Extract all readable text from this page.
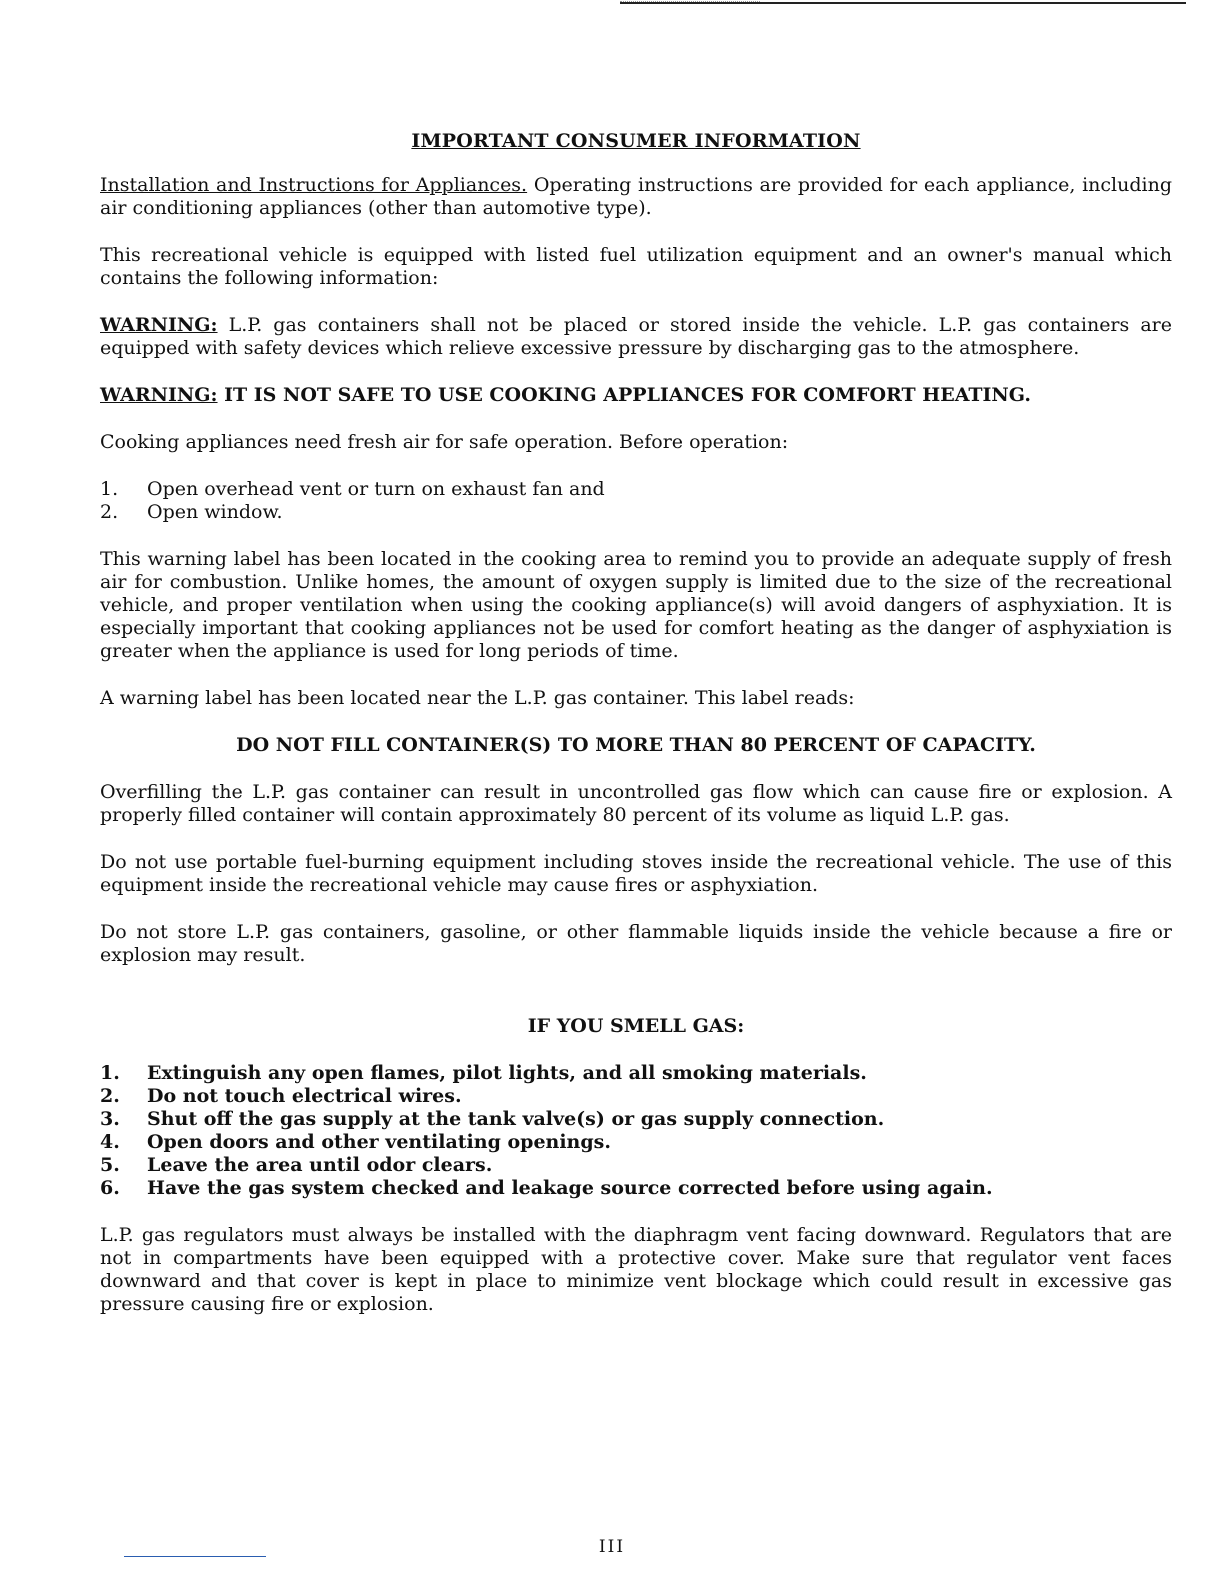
IMPORTANT CONSUMER INFORMATION

Installation and Instructions for Appliances. Operating instructions are provided for each appliance, including air conditioning appliances (other than automotive type).

This recreational vehicle is equipped with listed fuel utilization equipment and an owner's manual which contains the following information:

WARNING: L.P. gas containers shall not be placed or stored inside the vehicle. L.P. gas containers are equipped with safety devices which relieve excessive pressure by discharging gas to the atmosphere.

WARNING: IT IS NOT SAFE TO USE COOKING APPLIANCES FOR COMFORT HEATING.

Cooking appliances need fresh air for safe operation. Before operation:

1.	Open overhead vent or turn on exhaust fan and
2.	Open window.

This warning label has been located in the cooking area to remind you to provide an adequate supply of fresh air for combustion. Unlike homes, the amount of oxygen supply is limited due to the size of the recreational vehicle, and proper ventilation when using the cooking appliance(s) will avoid dangers of asphyxiation. It is especially important that cooking appliances not be used for comfort heating as the danger of asphyxiation is greater when the appliance is used for long periods of time.

A warning label has been located near the L.P. gas container. This label reads:

DO NOT FILL CONTAINER(S) TO MORE THAN 80 PERCENT OF CAPACITY.

Overfilling the L.P. gas container can result in uncontrolled gas flow which can cause fire or explosion. A properly filled container will contain approximately 80 percent of its volume as liquid L.P. gas.

Do not use portable fuel-burning equipment including stoves inside the recreational vehicle. The use of this equipment inside the recreational vehicle may cause fires or asphyxiation.

Do not store L.P. gas containers, gasoline, or other flammable liquids inside the vehicle because a fire or explosion may result.

IF YOU SMELL GAS:
1.	Extinguish any open flames, pilot lights, and all smoking materials.
2.	Do not touch electrical wires.
3.	Shut off the gas supply at the tank valve(s) or gas supply connection.
4.	Open doors and other ventilating openings.
5.	Leave the area until odor clears.
6.	Have the gas system checked and leakage source corrected before using again.

L.P. gas regulators must always be installed with the diaphragm vent facing downward. Regulators that are not in compartments have been equipped with a protective cover. Make sure that regulator vent faces downward and that cover is kept in place to minimize vent blockage which could result in excessive gas pressure causing fire or explosion.

III
